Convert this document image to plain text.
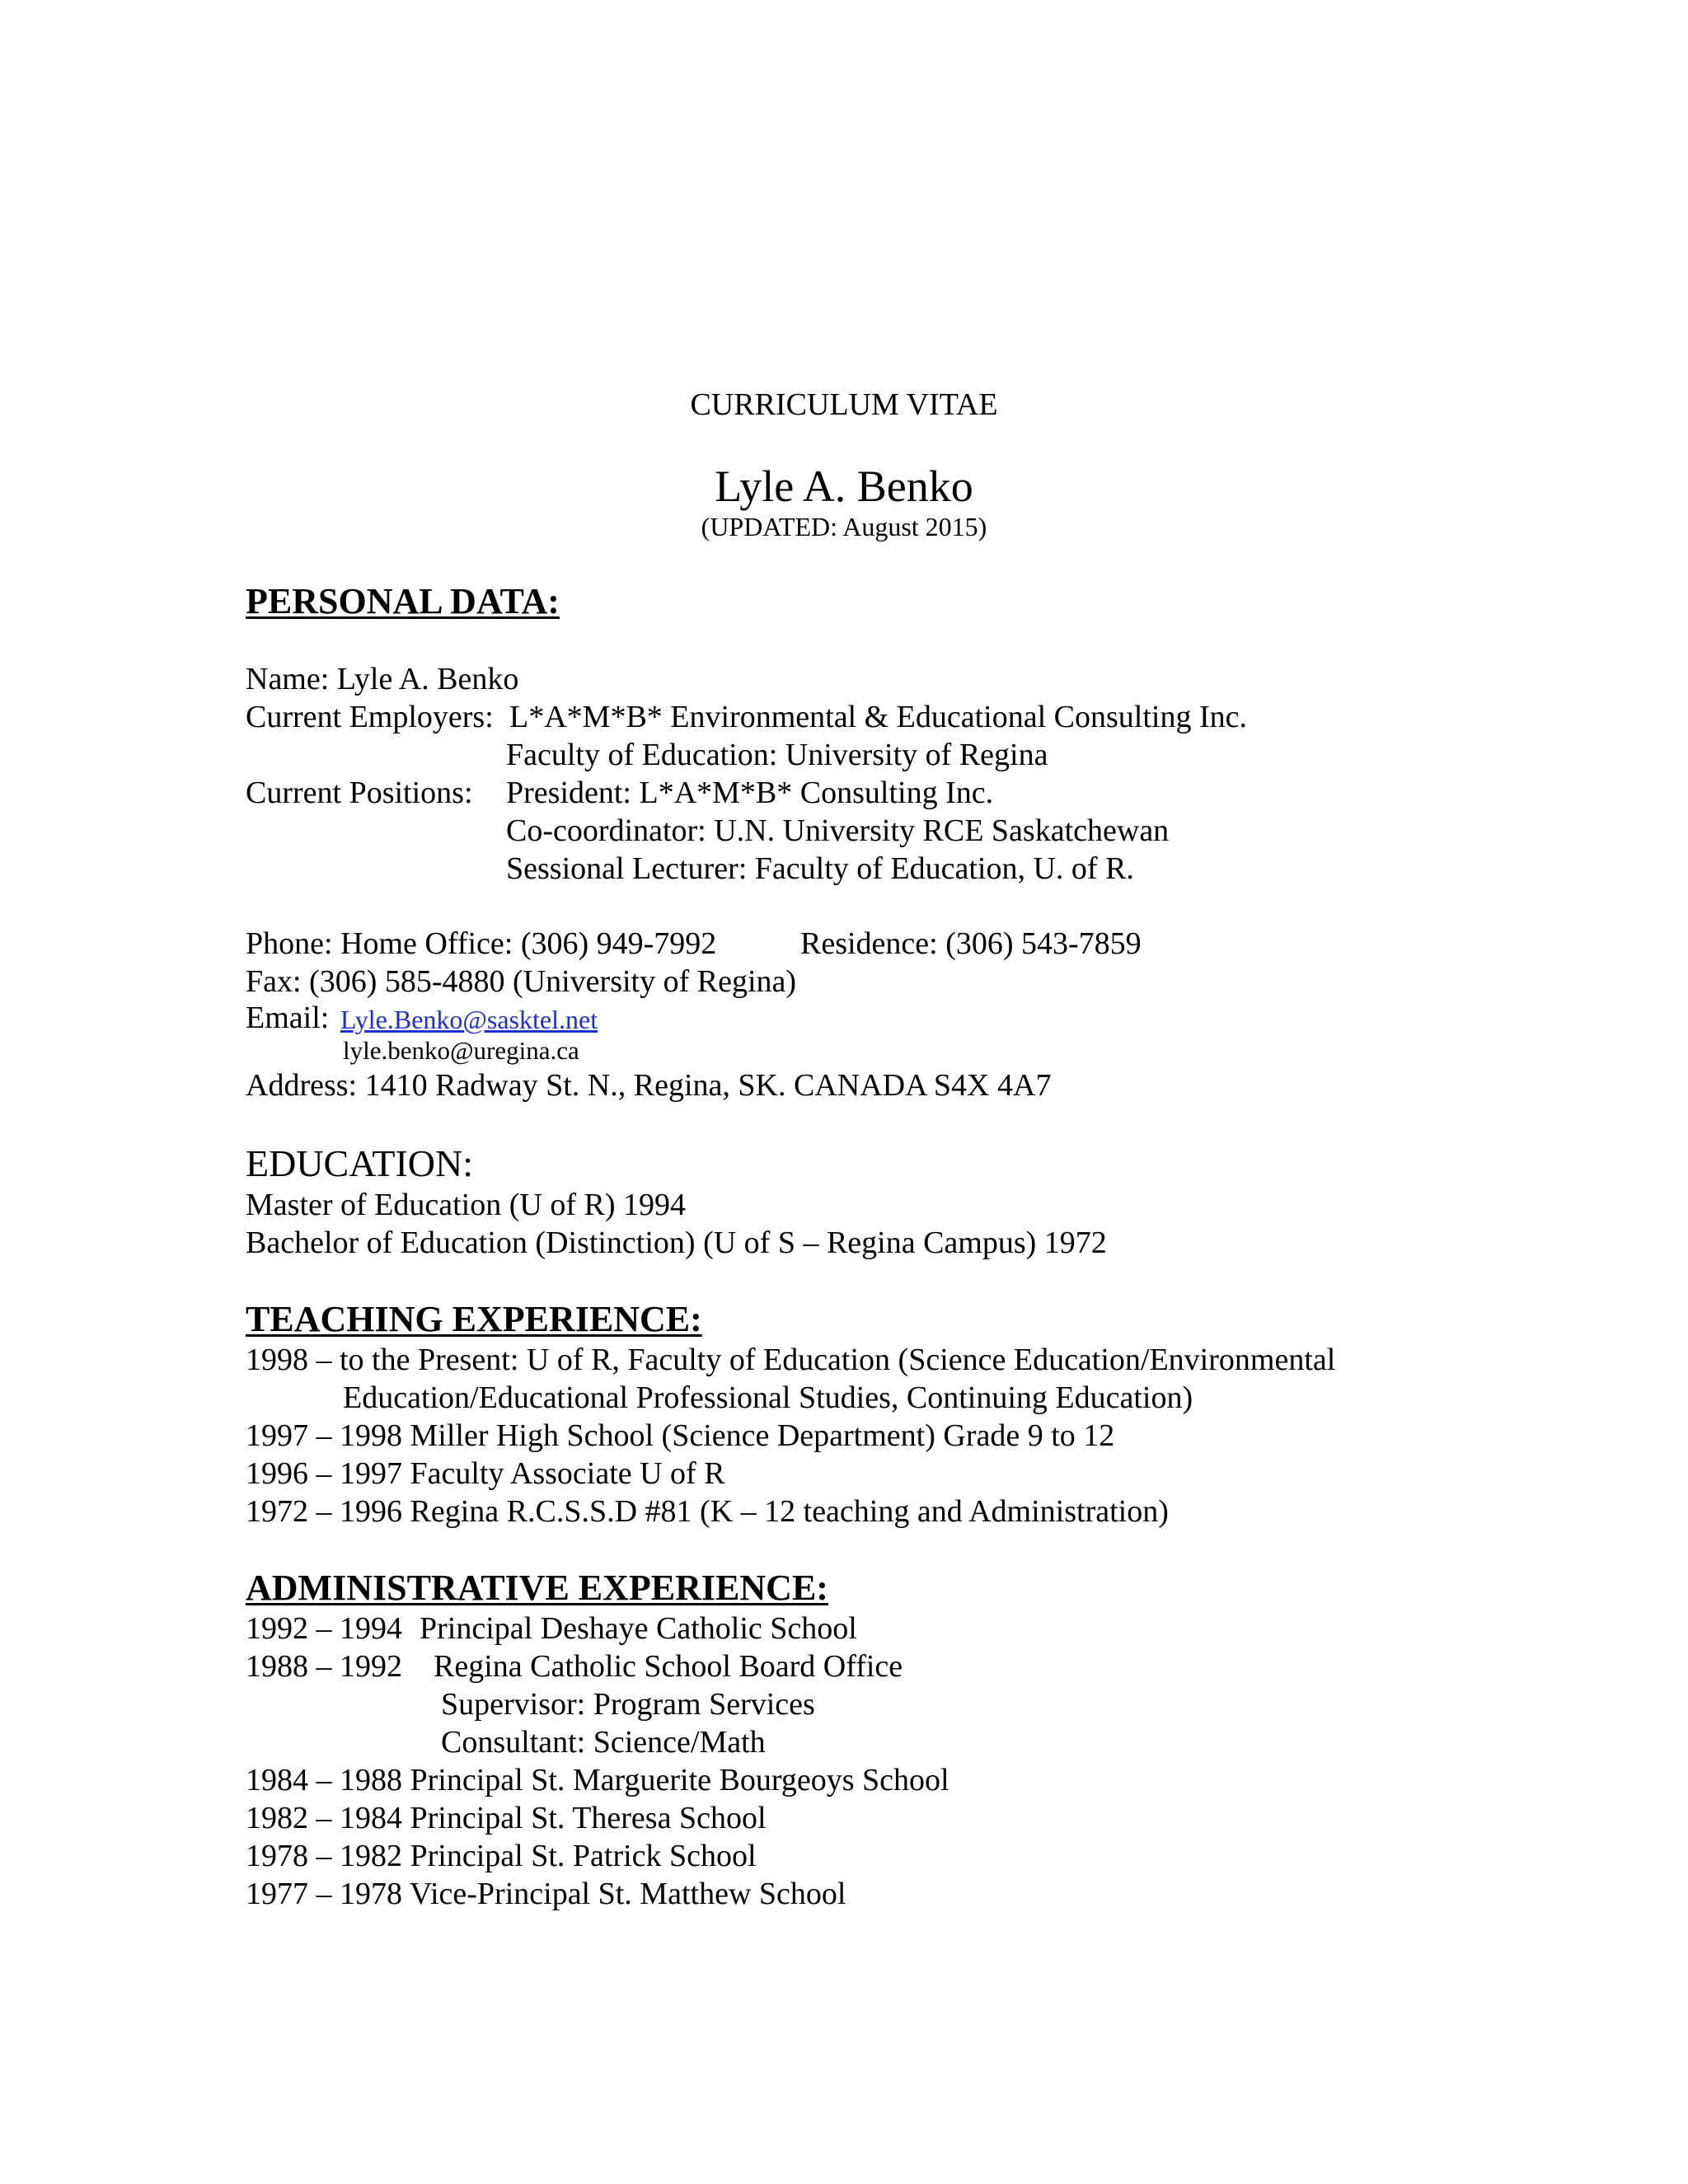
CURRICULUM VITAE
Lyle A. Benko
(UPDATED: August 2015)
PERSONAL DATA:
Name: Lyle A. Benko
Current Employers: L*A*M*B* Environmental & Educational Consulting Inc.
Faculty of Education: University of Regina
Current Positions: President: L*A*M*B* Consulting Inc.
Co-coordinator: U.N. University RCE Saskatchewan
Sessional Lecturer: Faculty of Education, U. of R.
Phone: Home Office: (306) 949-7992	Residence: (306) 543-7859
Fax: (306) 585-4880 (University of Regina)
Email: Lyle.Benko@sasktel.net
lyle.benko@uregina.ca
Address: 1410 Radway St. N., Regina, SK. CANADA S4X 4A7
EDUCATION:
Master of Education (U of R) 1994
Bachelor of Education (Distinction) (U of S – Regina Campus) 1972
TEACHING EXPERIENCE:
1998 – to the Present: U of R, Faculty of Education (Science Education/Environmental
Education/Educational Professional Studies, Continuing Education)
1997 – 1998 Miller High School (Science Department) Grade 9 to 12
1996 – 1997 Faculty Associate U of R
1972 – 1996 Regina R.C.S.S.D #81 (K – 12 teaching and Administration)
ADMINISTRATIVE EXPERIENCE:
1992 – 1994 Principal Deshaye Catholic School
1988 – 1992 Regina Catholic School Board Office
Supervisor: Program Services
Consultant: Science/Math
1984 – 1988 Principal St. Marguerite Bourgeoys School
1982 – 1984 Principal St. Theresa School
1978 – 1982 Principal St. Patrick School
1977 – 1978 Vice-Principal St. Matthew School
